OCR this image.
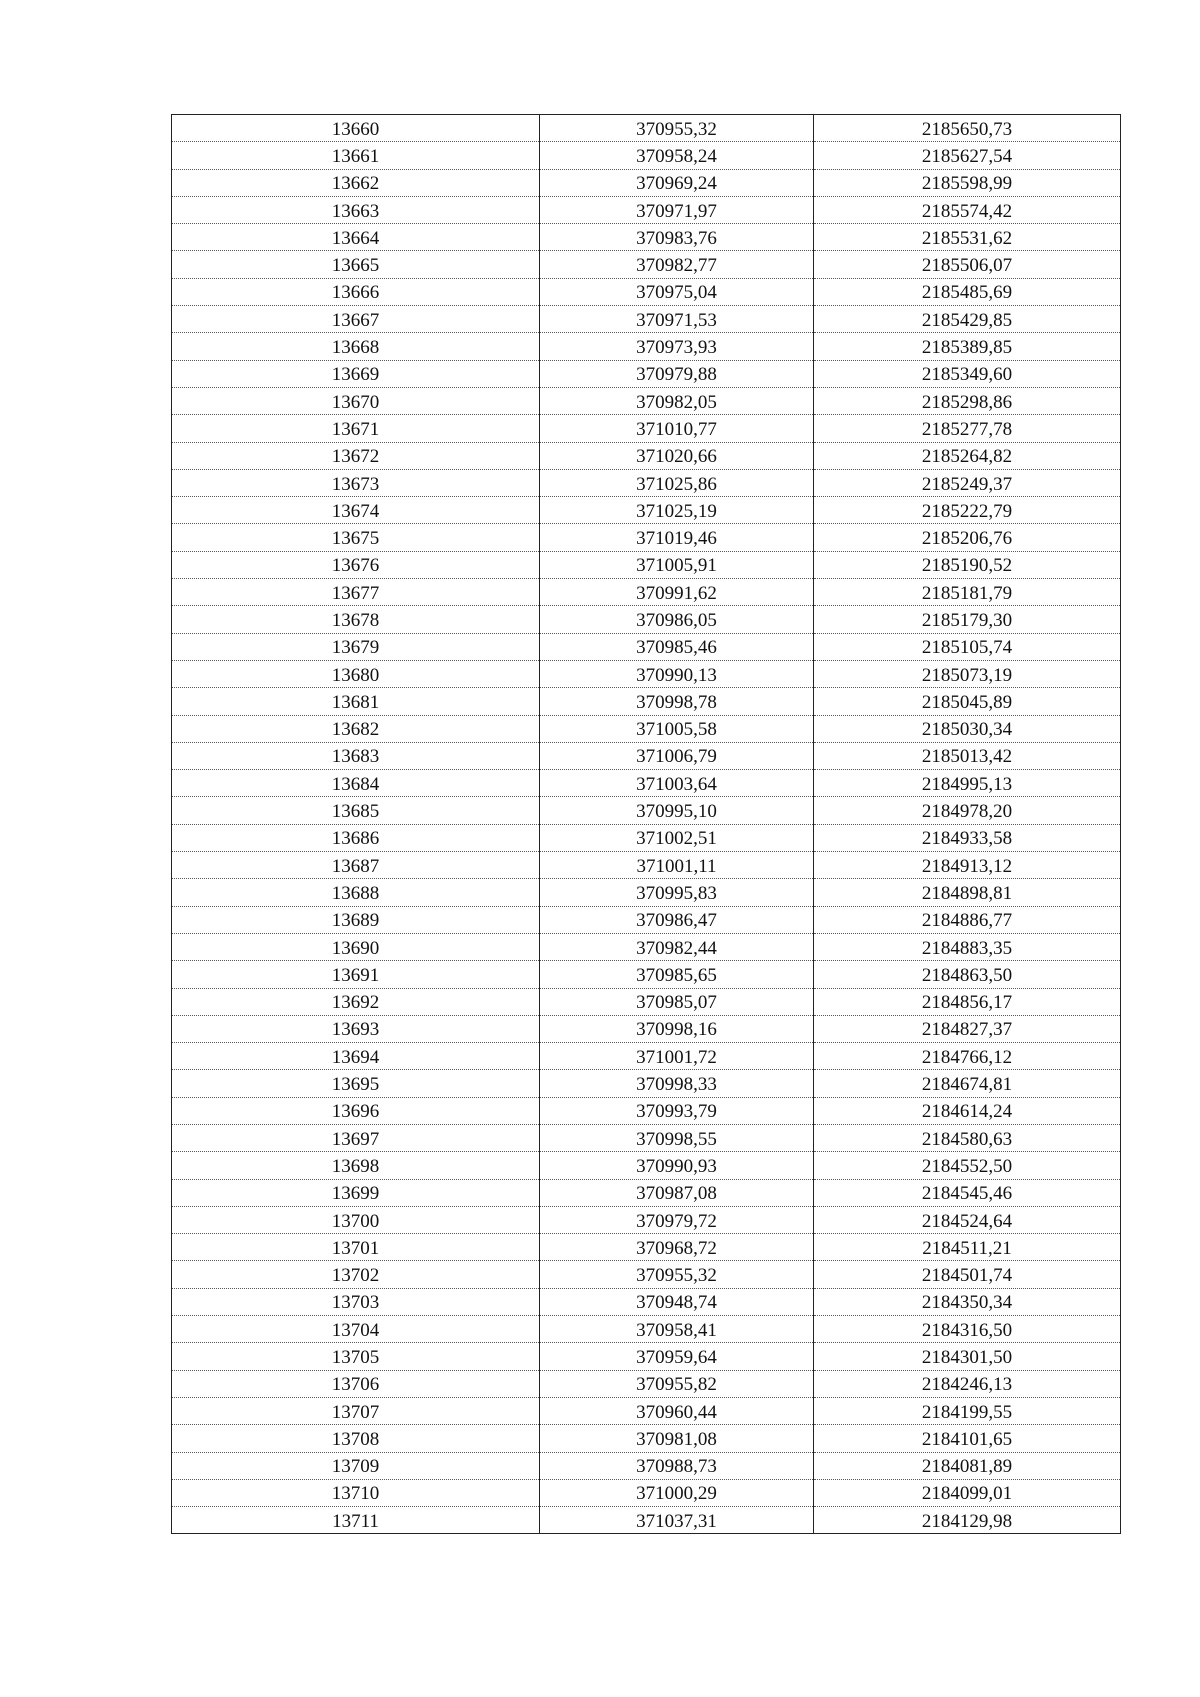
13660	370955,32	2185650,73
13661	370958,24	2185627,54
13662	370969,24	2185598,99
13663	370971,97	2185574,42
13664	370983,76	2185531,62
13665	370982,77	2185506,07
13666	370975,04	2185485,69
13667	370971,53	2185429,85
13668	370973,93	2185389,85
13669	370979,88	2185349,60
13670	370982,05	2185298,86
13671	371010,77	2185277,78
13672	371020,66	2185264,82
13673	371025,86	2185249,37
13674	371025,19	2185222,79
13675	371019,46	2185206,76
13676	371005,91	2185190,52
13677	370991,62	2185181,79
13678	370986,05	2185179,30
13679	370985,46	2185105,74
13680	370990,13	2185073,19
13681	370998,78	2185045,89
13682	371005,58	2185030,34
13683	371006,79	2185013,42
13684	371003,64	2184995,13
13685	370995,10	2184978,20
13686	371002,51	2184933,58
13687	371001,11	2184913,12
13688	370995,83	2184898,81
13689	370986,47	2184886,77
13690	370982,44	2184883,35
13691	370985,65	2184863,50
13692	370985,07	2184856,17
13693	370998,16	2184827,37
13694	371001,72	2184766,12
13695	370998,33	2184674,81
13696	370993,79	2184614,24
13697	370998,55	2184580,63
13698	370990,93	2184552,50
13699	370987,08	2184545,46
13700	370979,72	2184524,64
13701	370968,72	2184511,21
13702	370955,32	2184501,74
13703	370948,74	2184350,34
13704	370958,41	2184316,50
13705	370959,64	2184301,50
13706	370955,82	2184246,13
13707	370960,44	2184199,55
13708	370981,08	2184101,65
13709	370988,73	2184081,89
13710	371000,29	2184099,01
13711	371037,31	2184129,98
